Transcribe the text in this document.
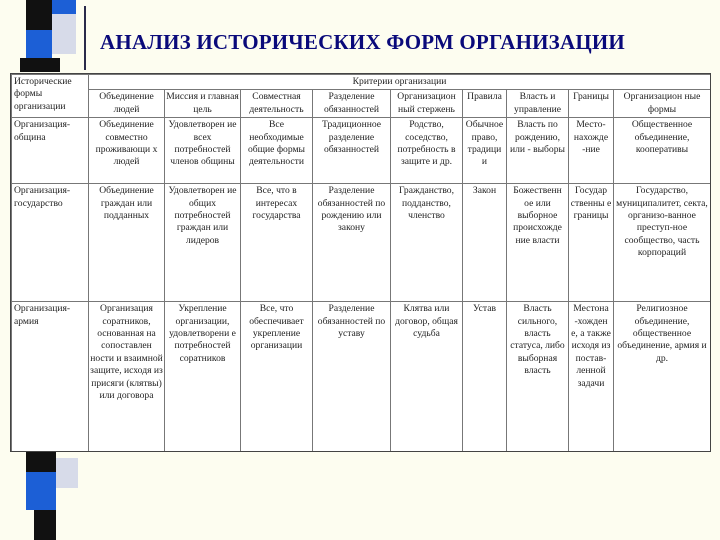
АНАЛИЗ ИСТОРИЧЕСКИХ ФОРМ ОРГАНИЗАЦИИ
Исторические формы организации	Критерии организации								
	Объединение людей	Миссия и главная цель	Совместная деятельность	Разделение обязанностей	Организацион ный стержень	Правила	Власть и управление	Границы	Организацион ные формы
Организация-община	Объединение совместно проживающи х людей	Удовлетворен ие всех потребностей членов общины	Все необходимые общие формы деятельности	Традиционное разделение обязанностей	Родство, соседство, потребность в защите и др.	Обычное право, традици и	Власть по рождению, или - выборы	Место-нахожде -ние	Общественное объединение, кооперативы
Организация-государство	Объединение граждан или подданных	Удовлетворен ие общих потребностей граждан или лидеров	Все, что в интересах государства	Разделение обязанностей по рождению или закону	Гражданство, подданство, членство	Закон	Божественн ое или выборное происхожде ние власти	Государ ственны е границы	Государство, муниципалитет, секта, организо-ванное преступ-ное сообщество, часть корпораций
Организация-армия	Организация соратников, основанная на сопоставлен ности и взаимной защите, исходя из присяги (клятвы) или договора	Укрепление организации, удовлетворени е потребностей соратников	Все, что обеспечивает укрепление организации	Разделение обязанностей по уставу	Клятва или договор, общая судьба	Устав	Власть сильного, власть статуса, либо выборная власть	Местона -хожден е, а также исходя из постав-ленной задачи	Религиозное объединение, общественное объединение, армия и др.
